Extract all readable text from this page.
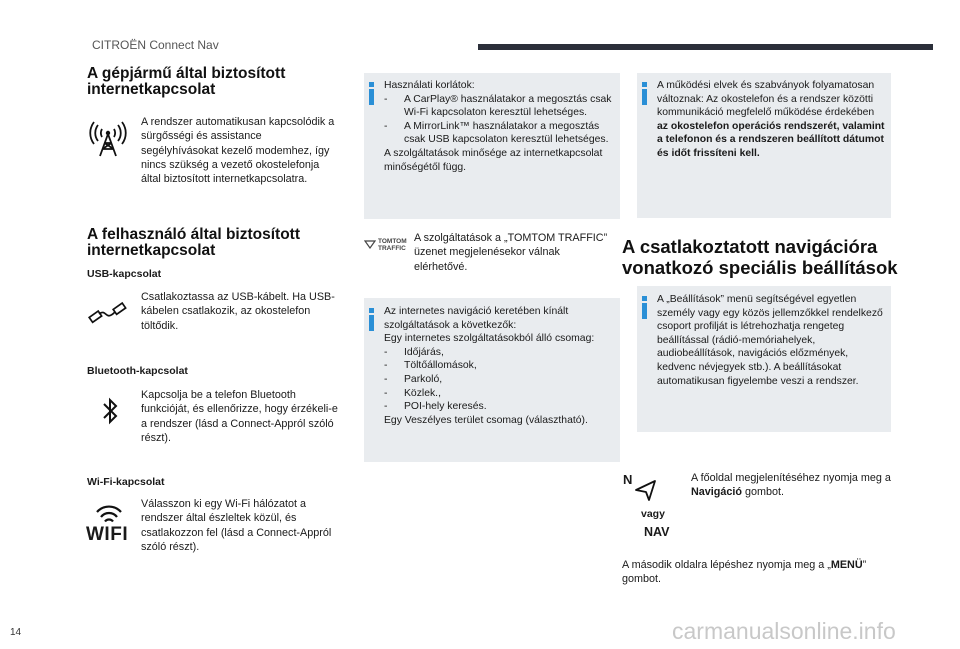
CITROËN Connect Nav
A gépjármű által biztosított
internetkapcsolat
A rendszer automatikusan kapcsolódik a sürgősségi és assistance segélyhívásokat kezelő modemhez, így nincs szükség a vezető okostelefonja által biztosított internetkapcsolatra.
A felhasználó által biztosított
internetkapcsolat
USB-kapcsolat
Csatlakoztassa az USB-kábelt. Ha USB-kábelen csatlakozik, az okostelefon töltődik.
Bluetooth-kapcsolat
Kapcsolja be a telefon Bluetooth funkcióját, és ellenőrizze, hogy érzékeli-e a rendszer (lásd a Connect-Appról szóló részt).
Wi-Fi-kapcsolat
WIFI
Válasszon ki egy Wi-Fi hálózatot a rendszer által észleltek közül, és csatlakozzon fel (lásd a Connect-Appról szóló részt).

Használati korlátok:

-	A CarPlay® használatakor a megosztás csak Wi-Fi kapcsolaton keresztül lehetséges.
-	A MirrorLink™ használatakor a megosztás csak USB kapcsolaton keresztül lehetséges.

A szolgáltatások minősége az internetkapcsolat minőségétől függ.

TOMTOM
TRAFFIC
A szolgáltatások a „TOMTOM TRAFFIC” üzenet megjelenésekor válnak elérhetővé.

Az internetes navigáció keretében kínált szolgáltatások a következők:

Egy internetes szolgáltatásokból álló csomag:

-	Időjárás,
-	Töltőállomások,
-	Parkoló,
-	Közlek.,
-	POI-hely keresés.

Egy Veszélyes terület csomag (választható).

A működési elvek és szabványok folyamatosan változnak: Az okostelefon és a rendszer közötti kommunikáció megfelelő működése érdekében az okostelefon operációs rendszerét, valamint a telefonon és a rendszeren beállított dátumot és időt frissíteni kell.
A csatlakoztatott navigációra
vonatkozó speciális beállítások
A „Beállítások” menü segítségével egyetlen személy vagy egy közös jellemzőkkel rendelkező csoport profilját is létrehozhatja rengeteg beállítással (rádió-memóriahelyek, audiobeállítások, navigációs előzmények, kedvenc névjegyek stb.). A beállításokat automatikusan figyelembe veszi a rendszer.
N
vagy
NAV
A főoldal megjelenítéséhez nyomja meg a Navigáció gombot.
A második oldalra lépéshez nyomja meg a „MENÜ” gombot.
14	carmanualsonline.info
